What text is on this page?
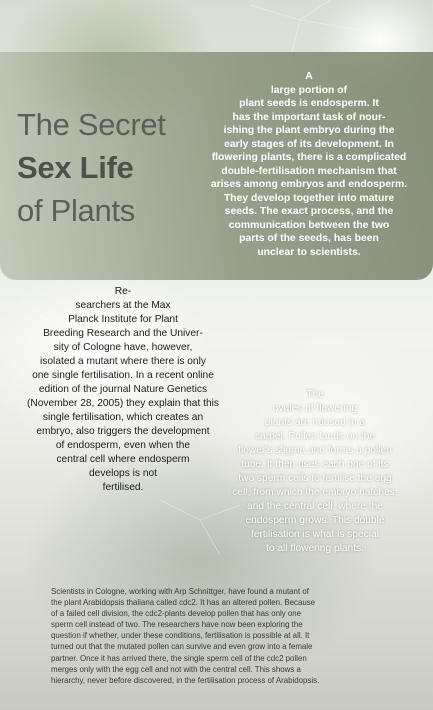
The Secret
Sex Life
of Plants
A
large portion of
plant seeds is endosperm. It
has the important task of nour-
ishing the plant embryo during the
early stages of its development. In
flowering plants, there is a complicated
double-fertilisation mechanism that
arises among embryos and endosperm.
They develop together into mature
seeds. The exact process, and the
communication between the two
parts of the seeds, has been
unclear to scientists.
Re-
searchers at the Max
Planck Institute for Plant
Breeding Research and the Univer-
sity of Cologne have, however,
isolated a mutant where there is only
one single fertilisation. In a recent online
edition of the journal Nature Genetics
(November 28, 2005) they explain that this
single fertilisation, which creates an
embryo, also triggers the development
of endosperm, even when the
central cell where endosperm
develops is not
fertilised.
The
ovules of flowering
plants are housed in a
carpel. Pollen lands on the
flower's stigma and forms a pollen
tube. It then uses each one of its
two sperm cells to fertilise the egg
cell, from which the embryo hatches,
and the central cell, where the
endosperm grows. This double
fertilisation is what is special
to all flowering plants.
Scientists in Cologne, working with Arp Schnittger, have found a mutant of
the plant Arabidopsis thaliana called cdc2. It has an altered pollen. Because
of a failed cell division, the cdc2-plants develop pollen that has only one
sperm cell instead of two. The researchers have now been exploring the
question if whether, under these conditions, fertilisation is possible at all. It
turned out that the mutated pollen can survive and even grow into a female
partner. Once it has arrived there, the single sperm cell of the cdc2 pollen
merges only with the egg cell and not with the central cell. This shows a
hierarchy, never before discovered, in the fertilisation process of Arabidopsis.
